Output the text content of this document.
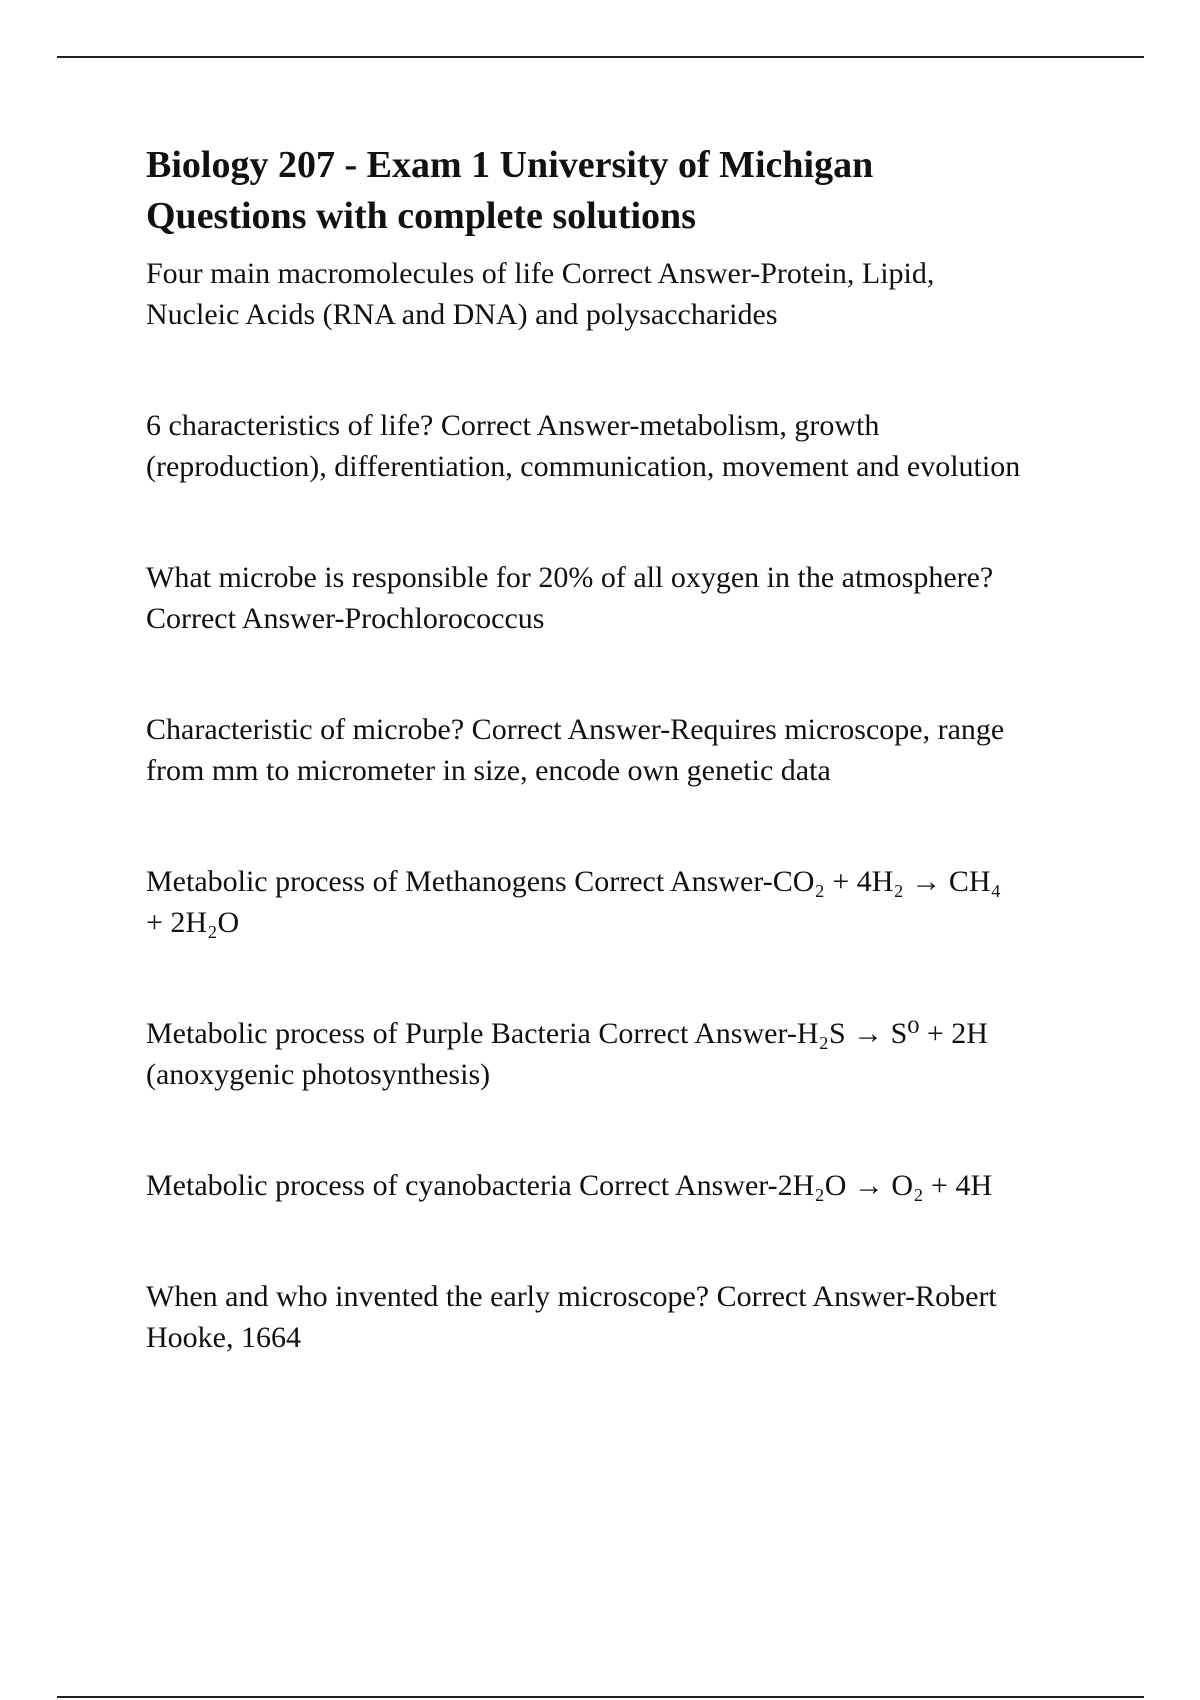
Biology 207 - Exam 1 University of Michigan
Questions with complete solutions

Four main macromolecules of life Correct Answer-Protein, Lipid,
Nucleic Acids (RNA and DNA) and polysaccharides

6 characteristics of life? Correct Answer-metabolism, growth
(reproduction), differentiation, communication, movement and evolution

What microbe is responsible for 20% of all oxygen in the atmosphere?
Correct Answer-Prochlorococcus

Characteristic of microbe? Correct Answer-Requires microscope, range
from mm to micrometer in size, encode own genetic data

Metabolic process of Methanogens Correct Answer-CO₂ + 4H₂ → CH₄
+ 2H₂O

Metabolic process of Purple Bacteria Correct Answer-H₂S → S⁰ + 2H
(anoxygenic photosynthesis)

Metabolic process of cyanobacteria Correct Answer-2H₂O → O₂ + 4H

When and who invented the early microscope? Correct Answer-Robert
Hooke, 1664
